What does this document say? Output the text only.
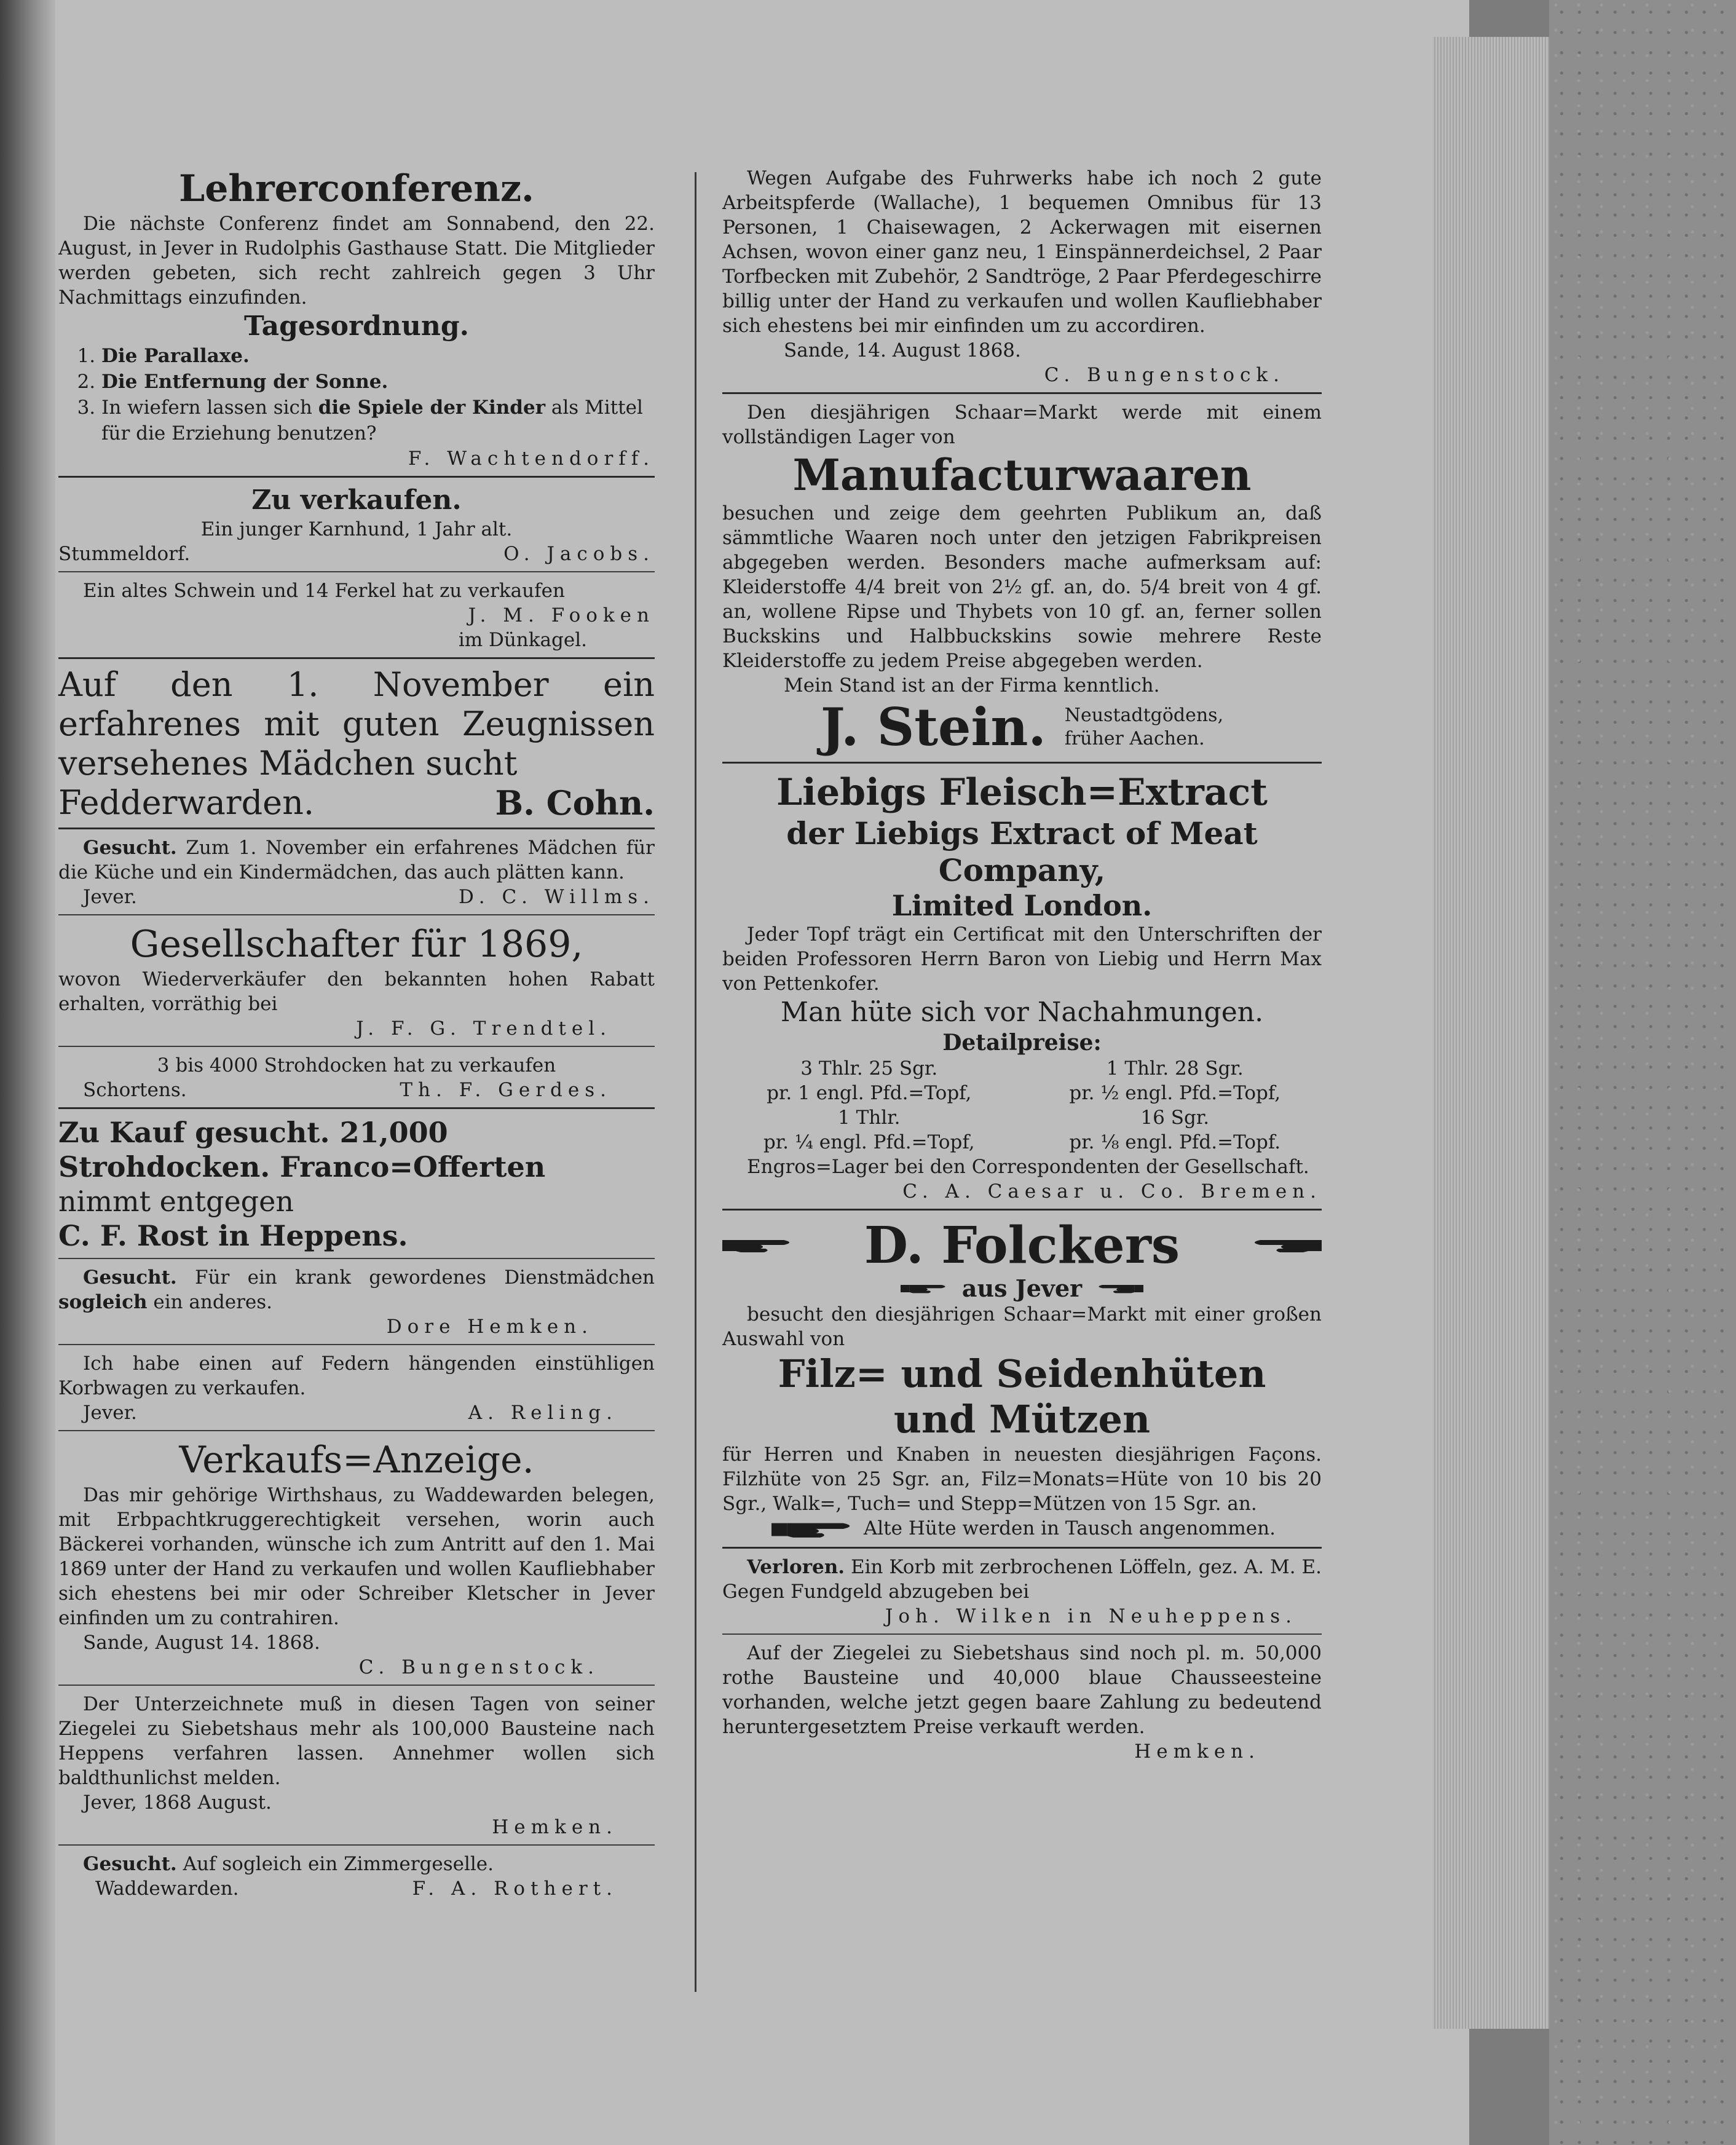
Lehrerconferenz.

Die nächste Conferenz findet am Sonnabend, den 22. August, in Jever in Rudolphis Gasthause Statt. Die Mitglieder werden gebeten, sich recht zahlreich gegen 3 Uhr Nachmittags einzufinden.

Tagesordnung.
1. Die Parallaxe.
2. Die Entfernung der Sonne.
3. In wiefern lassen sich die Spiele der Kinder als Mittel für die Erziehung benutzen?
F. Wachtendorff.
Zu verkaufen.

Ein junger Karnhund, 1 Jahr alt.

Stummeldorf.	O. Jacobs.

Ein altes Schwein und 14 Ferkel hat zu verkaufen

J. M. Fooken

im Dünkagel.

Auf den 1. November ein erfahrenes mit guten Zeugnissen versehenes Mädchen sucht
Fedderwarden.	B. Cohn.

Gesucht. Zum 1. November ein erfahrenes Mädchen für die Küche und ein Kindermädchen, das auch plätten kann.

Jever.	D. C. Willms.
Gesellschafter für 1869,

wovon Wiederverkäufer den bekannten hohen Rabatt erhalten, vorräthig bei

J. F. G. Trendtel.

3 bis 4000 Strohdocken hat zu verkaufen

Schortens.	Th. F. Gerdes.
Zu Kauf gesucht. 21,000
Strohdocken. Franco=Offerten
nimmt entgegen
C. F. Rost in Heppens.

Gesucht. Für ein krank gewordenes Dienstmädchen sogleich ein anderes.

Dore Hemken.

Ich habe einen auf Federn hängenden einstühligen Korbwagen zu verkaufen.

Jever.	A. Reling.
Verkaufs=Anzeige.

Das mir gehörige Wirthshaus, zu Waddewarden belegen, mit Erbpachtkruggerechtigkeit versehen, worin auch Bäckerei vorhanden, wünsche ich zum Antritt auf den 1. Mai 1869 unter der Hand zu verkaufen und wollen Kaufliebhaber sich ehestens bei mir oder Schreiber Kletscher in Jever einfinden um zu contrahiren.

Sande, August 14. 1868.

C. Bungenstock.

Der Unterzeichnete muß in diesen Tagen von seiner Ziegelei zu Siebetshaus mehr als 100,000 Bausteine nach Heppens verfahren lassen. Annehmer wollen sich baldthunlichst melden.

Jever, 1868 August.

Hemken.

Gesucht. Auf sogleich ein Zimmergeselle.

Waddewarden.	F. A. Rothert.

Wegen Aufgabe des Fuhrwerks habe ich noch 2 gute Arbeitspferde (Wallache), 1 bequemen Omnibus für 13 Personen, 1 Chaisewagen, 2 Ackerwagen mit eisernen Achsen, wovon einer ganz neu, 1 Einspännerdeichsel, 2 Paar Torfbecken mit Zubehör, 2 Sandtröge, 2 Paar Pferdegeschirre billig unter der Hand zu verkaufen und wollen Kaufliebhaber sich ehestens bei mir einfinden um zu accordiren.

Sande, 14. August 1868.

C. Bungenstock.

Den diesjährigen Schaar=Markt werde mit einem vollständigen Lager von

Manufacturwaaren

besuchen und zeige dem geehrten Publikum an, daß sämmtliche Waaren noch unter den jetzigen Fabrikpreisen abgegeben werden. Besonders mache aufmerksam auf: Kleiderstoffe 4/4 breit von 2½ gf. an, do. 5/4 breit von 4 gf. an, wollene Ripse und Thybets von 10 gf. an, ferner sollen Buckskins und Halbbuckskins sowie mehrere Reste Kleiderstoffe zu jedem Preise abgegeben werden.

Mein Stand ist an der Firma kenntlich.

J. Stein. Neustadtgödens,
früher Aachen.
Liebigs Fleisch=Extract
der Liebigs Extract of Meat Company,
Limited London.

Jeder Topf trägt ein Certificat mit den Unterschriften der beiden Professoren Herrn Baron von Liebig und Herrn Max von Pettenkofer.

Man hüte sich vor Nachahmungen.
Detailpreise:
3 Thlr. 25 Sgr.	1 Thlr. 28 Sgr.
pr. 1 engl. Pfd.=Topf,	pr. ½ engl. Pfd.=Topf,
1 Thlr.	16 Sgr.
pr. ¼ engl. Pfd.=Topf,	pr. ⅛ engl. Pfd.=Topf.

Engros=Lager bei den Correspondenten der Gesellschaft.

C. A. Caesar u. Co. Bremen.
D. Folckers
aus Jever

besucht den diesjährigen Schaar=Markt mit einer großen Auswahl von

Filz= und Seidenhüten
und Mützen

für Herren und Knaben in neuesten diesjährigen Façons. Filzhüte von 25 Sgr. an, Filz=Monats=Hüte von 10 bis 20 Sgr., Walk=, Tuch= und Stepp=Mützen von 15 Sgr. an.

Alte Hüte werden in Tausch angenommen.

Verloren. Ein Korb mit zerbrochenen Löffeln, gez. A. M. E. Gegen Fundgeld abzugeben bei

Joh. Wilken in Neuheppens.

Auf der Ziegelei zu Siebetshaus sind noch pl. m. 50,000 rothe Bausteine und 40,000 blaue Chausseesteine vorhanden, welche jetzt gegen baare Zahlung zu bedeutend heruntergesetztem Preise verkauft werden.

Hemken.
